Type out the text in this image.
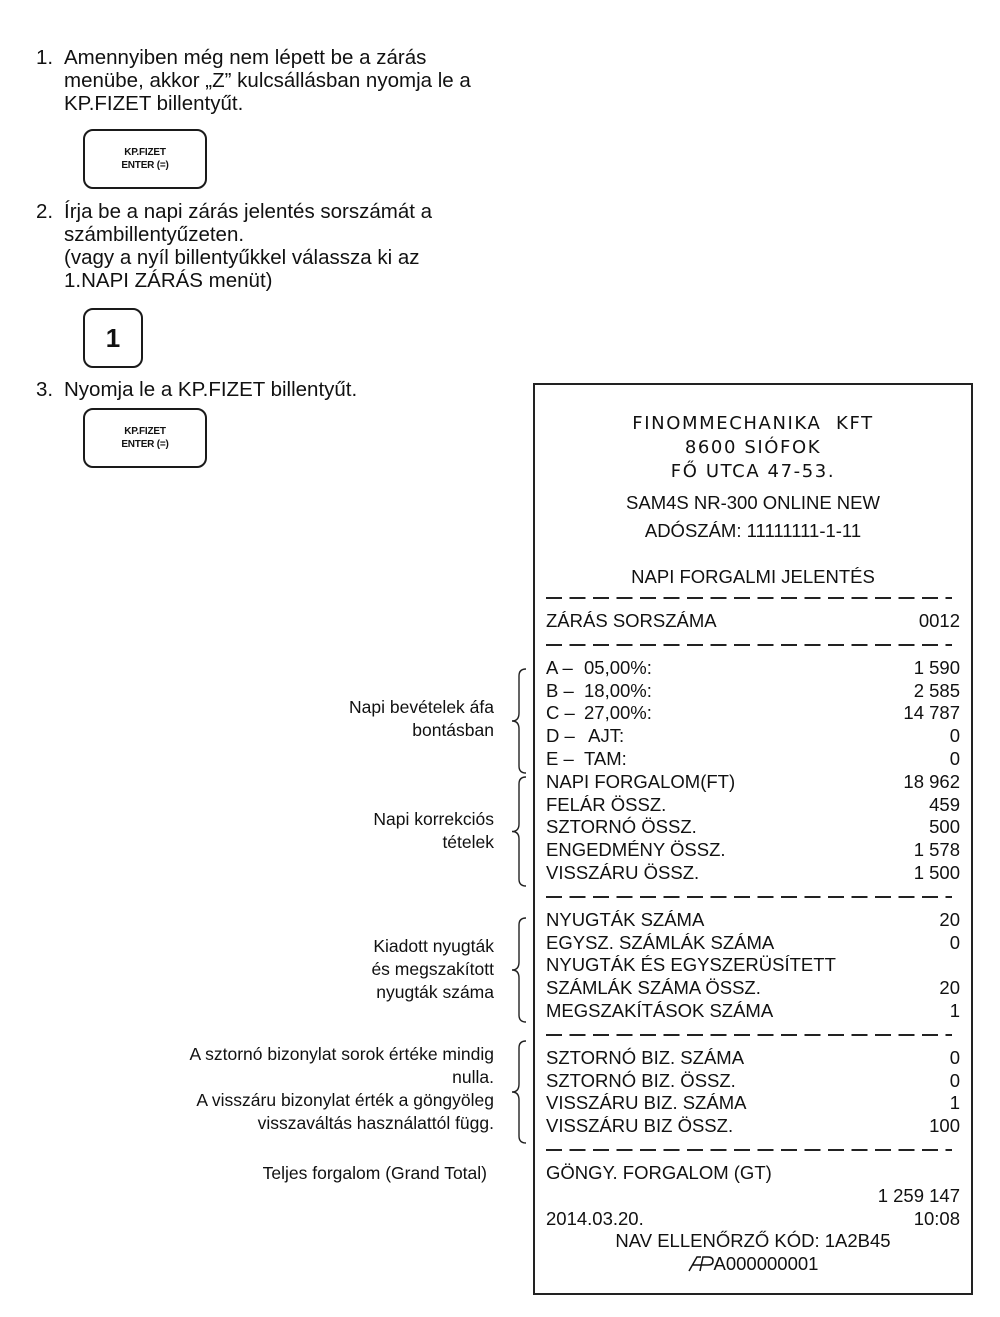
1. Amennyiben még nem lépett be a zárás
menübe, akkor „Z” kulcsállásban nyomja le a
KP.FIZET billentyűt.
KP.FIZET
ENTER (=)
2. Írja be a napi zárás jelentés sorszámát a
számbillentyűzeten.
(vagy a nyíl billentyűkkel válassza ki az
1.NAPI ZÁRÁS menüt)
1
3. Nyomja le a KP.FIZET billentyűt.
KP.FIZET
ENTER (=)
Napi bevételek áfa
bontásban
Napi korrekciós
tételek
Kiadott nyugták
és megszakított
nyugták száma
A sztornó bizonylat sorok értéke mindig
nulla.
A visszáru bizonylat érték a göngyöleg
visszaváltás használattól függ.
Teljes forgalom (Grand Total)
FINOMMECHANIKA  KFT
8600 SIÓFOK
FŐ UTCA 47-53.
SAM4S NR-300 ONLINE NEW
ADÓSZÁM: 11111111-1-11
NAPI FORGALMI JELENTÉS
ZÁRÁS SORSZÁMA	0012
A – 05,00%:	1 590
B – 18,00%:	2 585
C – 27,00%:	14 787
D – AJT:	0
E – TAM:	0
NAPI FORGALOM(FT)	18 962
FELÁR ÖSSZ.	459
SZTORNÓ ÖSSZ.	500
ENGEDMÉNY ÖSSZ.	1 578
VISSZÁRU ÖSSZ.	1 500
NYUGTÁK SZÁMA	20
EGYSZ. SZÁMLÁK SZÁMA	0
NYUGTÁK ÉS EGYSZERÜSÍTETT
SZÁMLÁK SZÁMA ÖSSZ.	20
MEGSZAKÍTÁSOK SZÁMA	1
SZTORNÓ BIZ. SZÁMA	0
SZTORNÓ BIZ. ÖSSZ.	0
VISSZÁRU BIZ. SZÁMA	1
VISSZÁRU BIZ ÖSSZ.	100
GÖNGY. FORGALOM (GT)
1 259 147
2014.03.20.	10:08
NAV ELLENŐRZŐ KÓD: 1A2B45
A000000001
